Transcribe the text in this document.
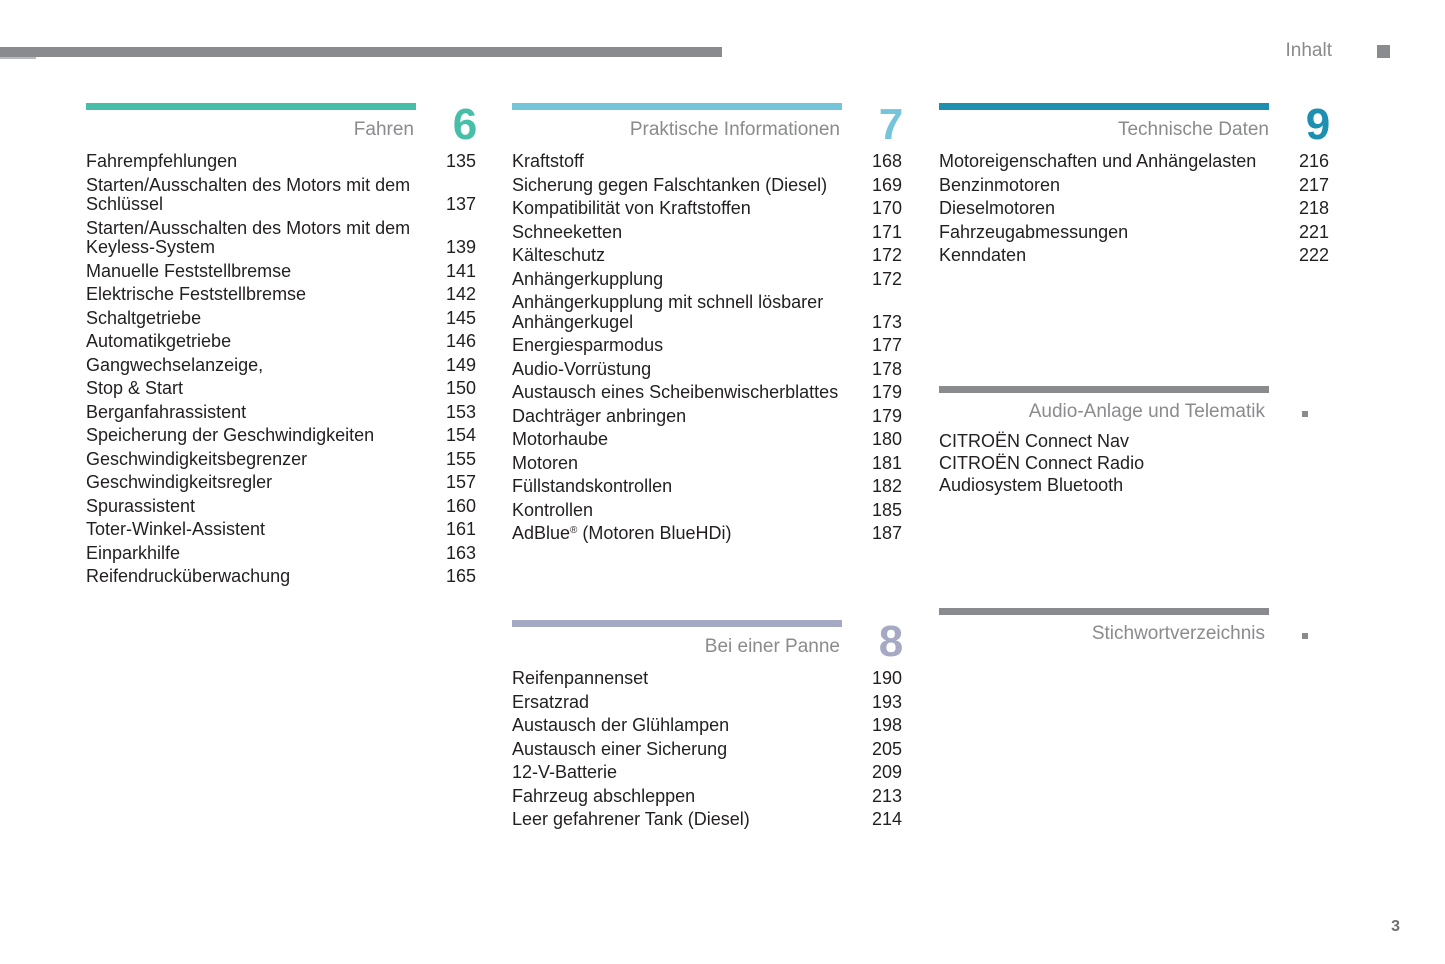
Inhalt
Fahren 6
Fahrempfehlungen	135
Starten/Ausschalten des Motors mit dem Schlüssel	137
Starten/Ausschalten des Motors mit dem Keyless-System	139
Manuelle Feststellbremse	141
Elektrische Feststellbremse	142
Schaltgetriebe	145
Automatikgetriebe	146
Gangwechselanzeige,	149
Stop & Start	150
Berganfahrassistent	153
Speicherung der Geschwindigkeiten	154
Geschwindigkeitsbegrenzer	155
Geschwindigkeitsregler	157
Spurassistent	160
Toter-Winkel-Assistent	161
Einparkhilfe	163
Reifendrucküberwachung	165
Praktische Informationen 7
Kraftstoff	168
Sicherung gegen Falschtanken (Diesel)	169
Kompatibilität von Kraftstoffen	170
Schneeketten	171
Kälteschutz	172
Anhängerkupplung	172
Anhängerkupplung mit schnell lösbarer Anhängerkugel	173
Energiesparmodus	177
Audio-Vorrüstung	178
Austausch eines Scheibenwischerblattes	179
Dachträger anbringen	179
Motorhaube	180
Motoren	181
Füllstandskontrollen	182
Kontrollen	185
AdBlue® (Motoren BlueHDi)	187
Technische Daten 9
Motoreigenschaften und Anhängelasten	216
Benzinmotoren	217
Dieselmotoren	218
Fahrzeugabmessungen	221
Kenndaten	222
Audio-Anlage und Telematik
CITROËN Connect Nav
CITROËN Connect Radio
Audiosystem Bluetooth
Bei einer Panne 8
Reifenpannenset	190
Ersatzrad	193
Austausch der Glühlampen	198
Austausch einer Sicherung	205
12-V-Batterie	209
Fahrzeug abschleppen	213
Leer gefahrener Tank (Diesel)	214
Stichwortverzeichnis
3
